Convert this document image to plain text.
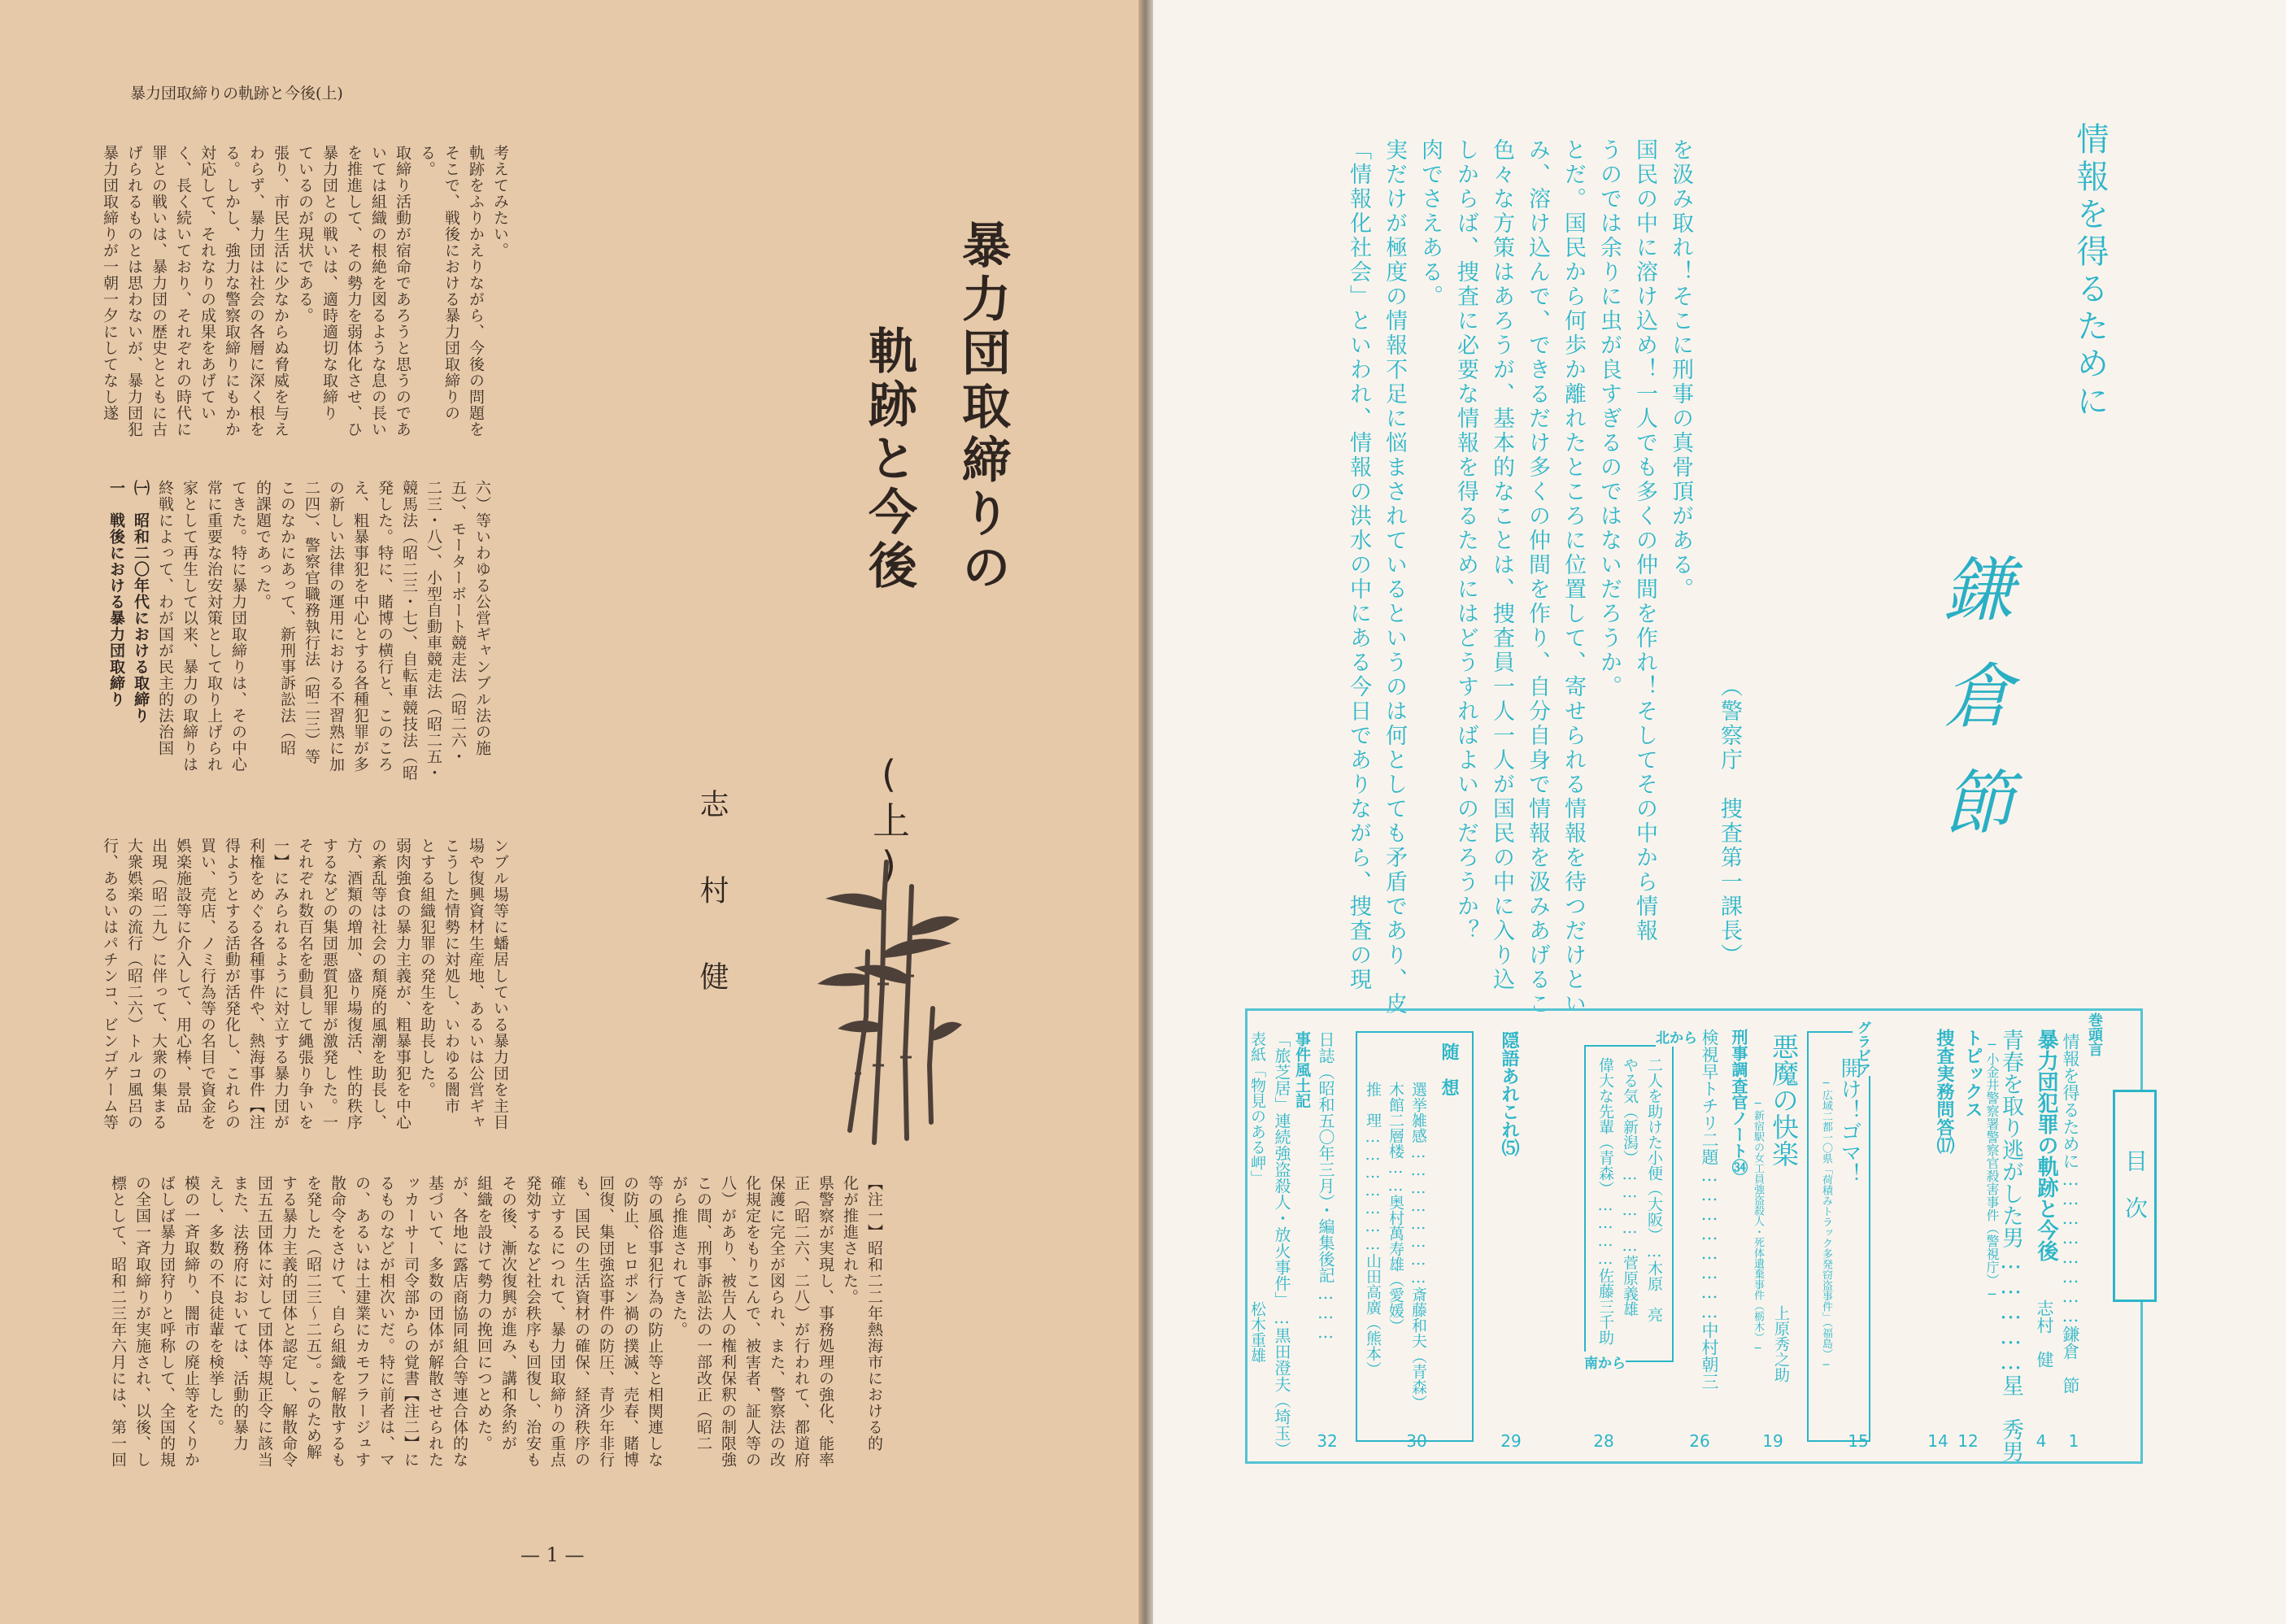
暴力団取締りの軌跡と今後(上)
暴力団取締りの
軌跡と今後
(上)
志村健
考えてみたい。
軌跡をふりかえりながら、今後の問題を
そこで、戦後における暴力団取締りの
る。
取締り活動が宿命であろうと思うのであ
いては組織の根絶を図るような息の長い
を推進して、その勢力を弱体化させ、ひ
暴力団との戦いは、適時適切な取締り
ているのが現状である。
張り、市民生活に少なからぬ脅威を与え
わらず、暴力団は社会の各層に深く根を
る。しかし、強力な警察取締りにもかか
対応して、それなりの成果をあげてい
く、長く続いており、それぞれの時代に
罪との戦いは、暴力団の歴史とともに古
げられるものとは思わないが、暴力団犯
暴力団取締りが一朝一夕にしてなし遂
六）等いわゆる公営ギャンブル法の施
五）、モーターボート競走法（昭二六・
二三・八）、小型自動車競走法（昭二五・
競馬法（昭二三・七）、自転車競技法（昭
発した。特に、賭博の横行と、このころ
え、粗暴事犯を中心とする各種犯罪が多
の新しい法律の運用における不習熟に加
二四）、警察官職務執行法（昭二三）等
このなかにあって、新刑事訴訟法（昭
的課題であった。
てきた。特に暴力団取締りは、その中心
常に重要な治安対策として取り上げられ
家として再生して以来、暴力の取締りは
終戦によって、わが国が民主的法治国
㈠　昭和二〇年代における取締り
一　戦後における暴力団取締り
ンブル場等に蟠居している暴力団を主目
場や復興資材生産地、あるいは公営ギャ
こうした情勢に対処し、いわゆる闇市
とする組織犯罪の発生を助長した。
弱肉強食の暴力主義が、粗暴事犯を中心
の紊乱等は社会の頽廃的風潮を助長し、
方、酒類の増加、盛り場復活、性的秩序
するなどの集団悪質犯罪が激発した。一
それぞれ数百名を動員して縄張り争いを
一】にみられるように対立する暴力団が
利権をめぐる各種事件や、熱海事件【注
得ようとする活動が活発化し、これらの
買い、売店、ノミ行為等の名目で資金を
娯楽施設等に介入して、用心棒、景品
出現（昭二九）に伴って、大衆の集まる
大衆娯楽の流行（昭二六）トルコ風呂の
行、あるいはパチンコ、ビンゴゲーム等
【注一】昭和二二年熱海市における的
化が推進された。
県警察が実現し、事務処理の強化、能率
正（昭二六、二八）が行われて、都道府
保護に完全が図られ、また、警察法の改
化規定をもりこんで、被害者、証人等の
八）があり、被告人の権利保釈の制限強
この間、刑事訴訟法の一部改正（昭二
がら推進されてきた。
等の風俗事犯行為の防止等と相関連しな
の防止、ヒロポン禍の撲滅、売春、賭博
回復、集団強盗事件の防圧、青少年非行
も、国民の生活資材の確保、経済秩序の
確立するにつれて、暴力団取締りの重点
発効するなど社会秩序も回復し、治安も
その後、漸次復興が進み、講和条約が
組織を設けて勢力の挽回につとめた。
が、各地に露店商協同組合等連合体的な
基づいて、多数の団体が解散させられた
ッカーサー司令部からの覚書【注二】に
るものなどが相次いだ。特に前者は、マ
の、あるいは土建業にカモフラージュす
散命令をさけて、自ら組織を解散するも
を発した（昭二三〜二五）。このため解
する暴力主義的団体と認定し、解散命令
団五五団体に対して団体等規正令に該当
また、法務府においては、活動的暴力
えし、多数の不良徒輩を検挙した。
模の一斉取締り、闇市の廃止等をくりか
ばしば暴力団狩りと呼称して、全国的規
の全国一斉取締りが実施され、以後、し
標として、昭和二三年六月には、第一回
— 1 —
情報を得るために
鎌倉節
（警察庁　捜査第一課長）
を汲み取れ！そこに刑事の真骨頂がある。
国民の中に溶け込め！一人でも多くの仲間を作れ！そしてその中から情報
うのでは余りに虫が良すぎるのではないだろうか。
とだ。国民から何歩か離れたところに位置して、寄せられる情報を待つだけとい
み、溶け込んで、できるだけ多くの仲間を作り、自分自身で情報を汲みあげるこ
色々な方策はあろうが、基本的なことは、捜査員一人一人が国民の中に入り込
しからば、捜査に必要な情報を得るためにはどうすればよいのだろうか？
肉でさえある。
実だけが極度の情報不足に悩まされているというのは何としても矛盾であり、皮
「情報化社会」といわれ、情報の洪水の中にある今日でありながら、捜査の現
目次
巻頭言
情報を得るために……………………鎌倉　節
暴力団犯罪の軌跡と今後
志村　健
青春を取り逃がした男……………星　秀男
─小金井警察署警察官殺害事件（警視庁）─
トピックス
捜査実務問答⒄
グラビア
開け！ゴマ！
─広域二都一〇県「荷積みトラック多発窃盗事件」（福島）─
悪魔の快楽
─新宿駅の女工員強盗殺人・死体遺棄事件（栃木）─ 上原秀之助
刑事調査官ノート㉞
検視早トチリ二題……………………中村朝三
北から
南から
二人を助けた小便（大阪）…木原　亮
やる気（新潟）……………菅原義雄
偉大な先輩（青森）…………佐藤三千助
隠語あれこれ⑸
随　想
選挙雑感……………………斎藤和夫（青森）
木館二層楼……奥村萬寿雄（愛媛）
推　理…………………山田高廣（熊本）
日誌（昭和五〇年三月）・編集後記………
事件風土記
「旅芝居」連続強盗殺人・放火事件」…黒田澄夫（埼玉）
表紙「物見のある岬」
松木重雄
1
4
12
14
15
19
26
28
29
30
32
